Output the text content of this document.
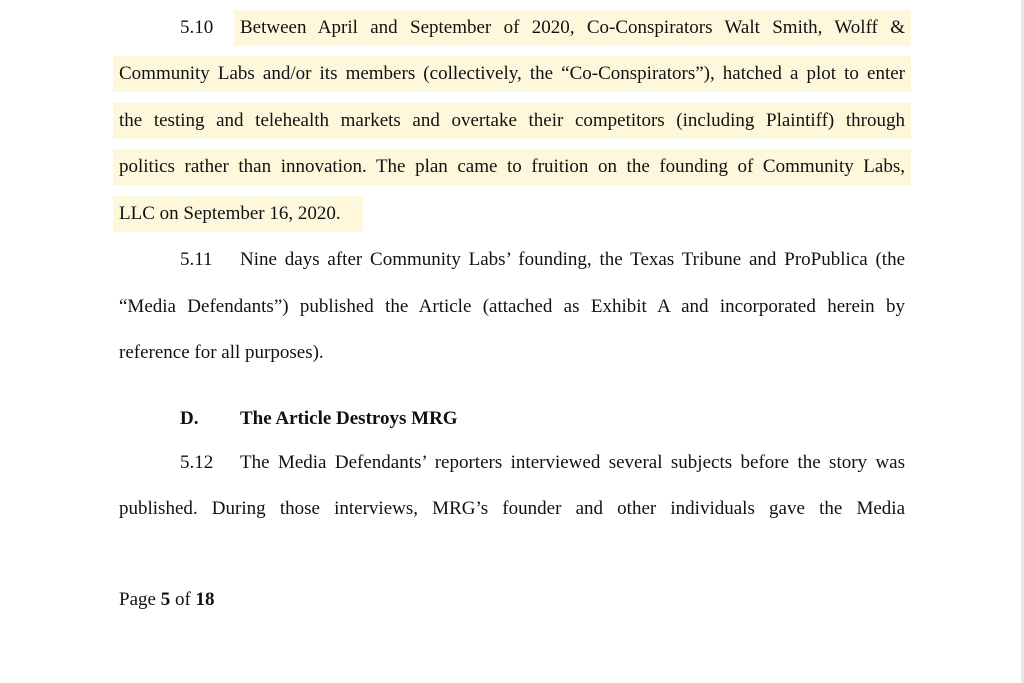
5.10 Between April and September of 2020, Co-Conspirators Walt Smith, Wolff &
Community Labs and/or its members (collectively, the “Co-Conspirators”), hatched a plot to enter
the testing and telehealth markets and overtake their competitors (including Plaintiff) through
politics rather than innovation. The plan came to fruition on the founding of Community Labs,
LLC on September 16, 2020.
5.11 Nine days after Community Labs’ founding, the Texas Tribune and ProPublica (the
“Media Defendants”) published the Article (attached as Exhibit A and incorporated herein by
reference for all purposes).
D. The Article Destroys MRG
5.12 The Media Defendants’ reporters interviewed several subjects before the story was
published. During those interviews, MRG’s founder and other individuals gave the Media
Page 5 of 18
